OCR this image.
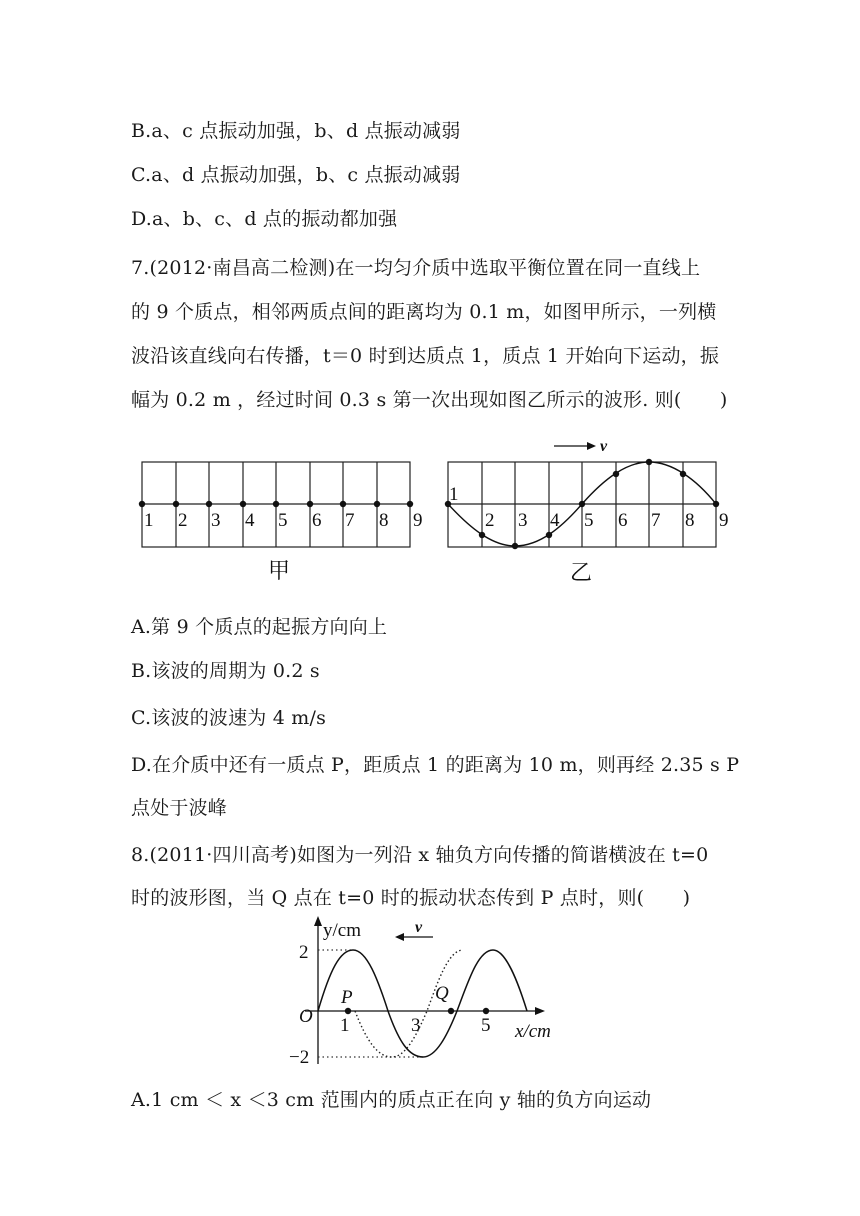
B.a、c 点振动加强，b、d 点振动减弱
C.a、d 点振动加强，b、c 点振动减弱
D.a、b、c、d 点的振动都加强
7.(2012·南昌高二检测)在一均匀介质中选取平衡位置在同一直线上
的 9 个质点，相邻两质点间的距离均为 0.1 m，如图甲所示，一列横
波沿该直线向右传播，t＝0 时到达质点 1，质点 1 开始向下运动，振
幅为 0.2 m ，经过时间 0.3 s 第一次出现如图乙所示的波形. 则(　　)
1 2 3 4 5 6 7 8 9
甲
v
1
2 3 4 5 6 7 8 9
乙
A.第 9 个质点的起振方向向上
B.该波的周期为 0.2 s
C.该波的波速为 4 m/s
D.在介质中还有一质点 P，距质点 1 的距离为 10 m，则再经 2.35 s P
点处于波峰
8.(2011·四川高考)如图为一列沿 x 轴负方向传播的简谐横波在 t=0
时的波形图，当 Q 点在 t=0 时的振动状态传到 P 点时，则(　　)
y/cm
x/cm
2
−2
O 1	3	5
P	Q
v
A.1 cm ＜ x ＜3 cm 范围内的质点正在向 y 轴的负方向运动
